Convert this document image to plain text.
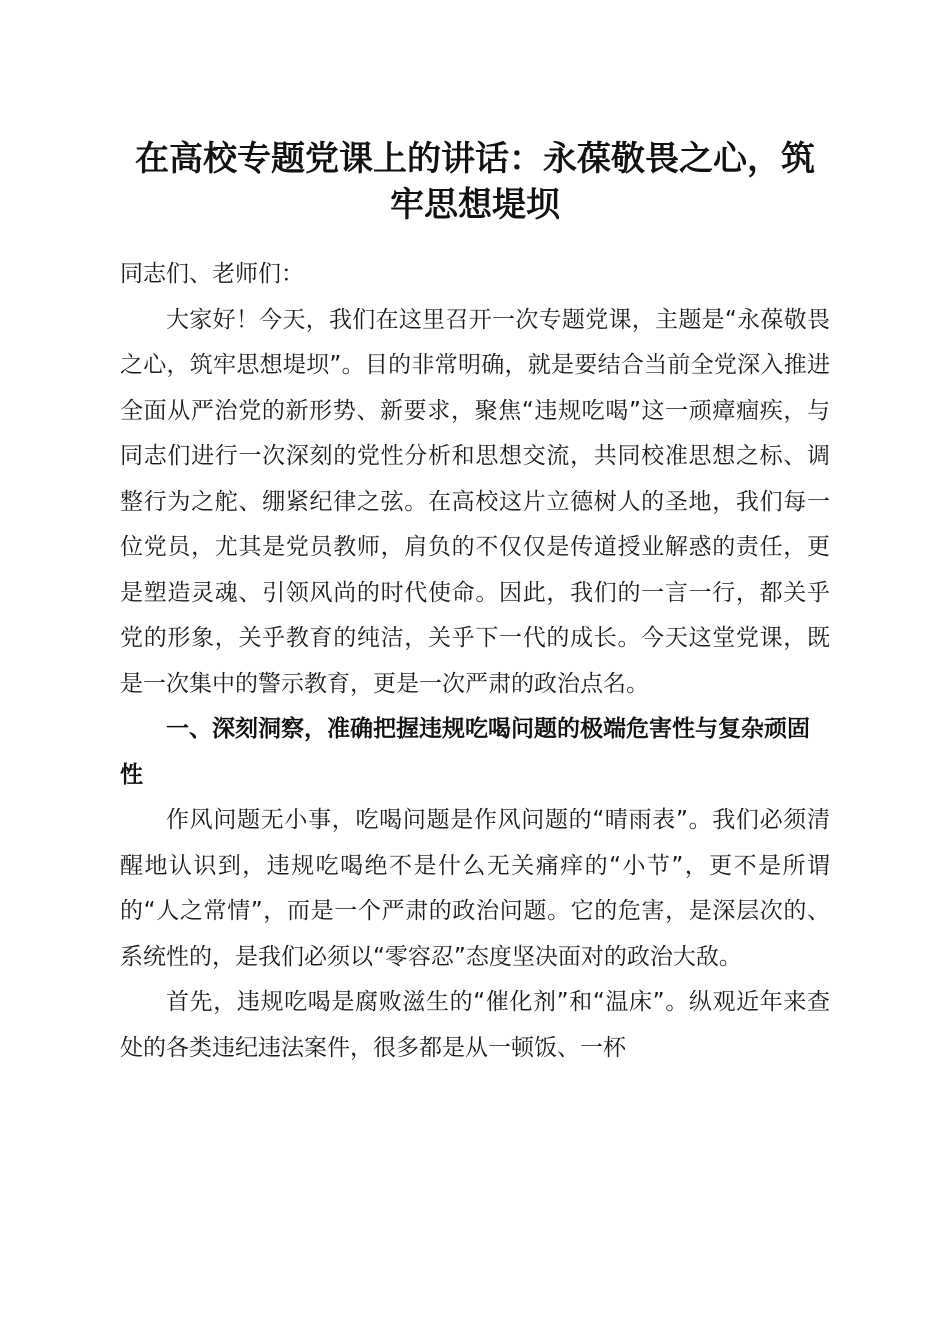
在高校专题党课上的讲话：永葆敬畏之心，筑
牢思想堤坝

同志们、老师们：

大家好！今天，我们在这里召开一次专题党课，主题是“永葆敬畏之心，筑牢思想堤坝”。目的非常明确，就是要结合当前全党深入推进全面从严治党的新形势、新要求，聚焦“违规吃喝”这一顽瘴痼疾，与同志们进行一次深刻的党性分析和思想交流，共同校准思想之标、调整行为之舵、绷紧纪律之弦。在高校这片立德树人的圣地，我们每一位党员，尤其是党员教师，肩负的不仅仅是传道授业解惑的责任，更是塑造灵魂、引领风尚的时代使命。因此，我们的一言一行，都关乎党的形象，关乎教育的纯洁，关乎下一代的成长。今天这堂党课，既是一次集中的警示教育，更是一次严肃的政治点名。

一、深刻洞察，准确把握违规吃喝问题的极端危害性与复杂顽固性

作风问题无小事，吃喝问题是作风问题的“晴雨表”。我们必须清醒地认识到，违规吃喝绝不是什么无关痛痒的“小节”，更不是所谓的“人之常情”，而是一个严肃的政治问题。它的危害，是深层次的、系统性的，是我们必须以“零容忍”态度坚决面对的政治大敌。

首先，违规吃喝是腐败滋生的“催化剂”和“温床”。纵观近年来查处的各类违纪违法案件，很多都是从一顿饭、一杯
